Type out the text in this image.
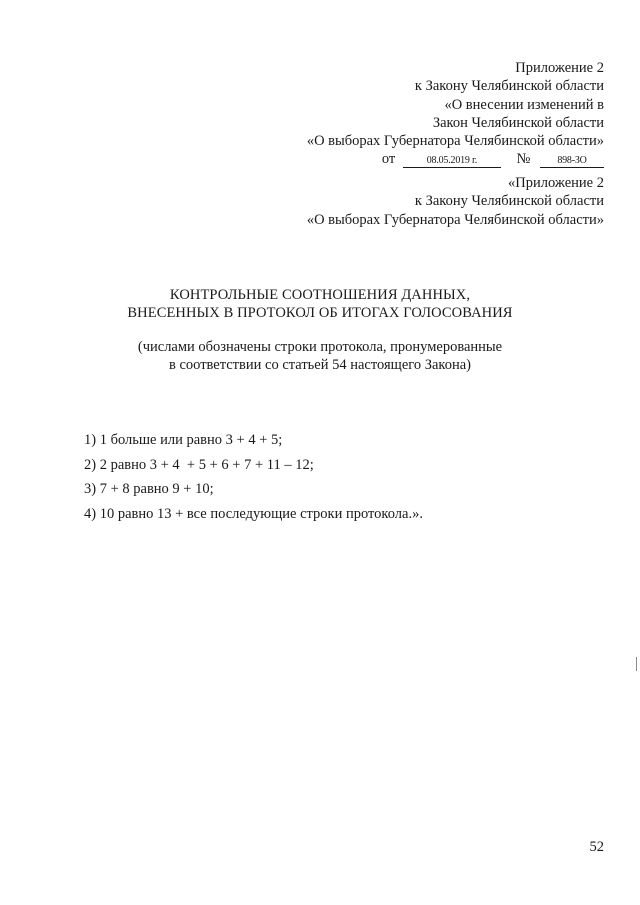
Приложение 2
к Закону Челябинской области
«О внесении изменений в
Закон Челябинской области
«О выборах Губернатора Челябинской области»
от	08.05.2019 г.	№	898-ЗО
«Приложение 2
к Закону Челябинской области
«О выборах Губернатора Челябинской области»
КОНТРОЛЬНЫЕ СООТНОШЕНИЯ ДАННЫХ,
ВНЕСЕННЫХ В ПРОТОКОЛ ОБ ИТОГАХ ГОЛОСОВАНИЯ
(числами обозначены строки протокола, пронумерованные
в соответствии со статьей 54 настоящего Закона)
1) 1 больше или равно 3 + 4 + 5;
2) 2 равно 3 + 4  + 5 + 6 + 7 + 11 – 12;
3) 7 + 8 равно 9 + 10;
4) 10 равно 13 + все последующие строки протокола.».
52
